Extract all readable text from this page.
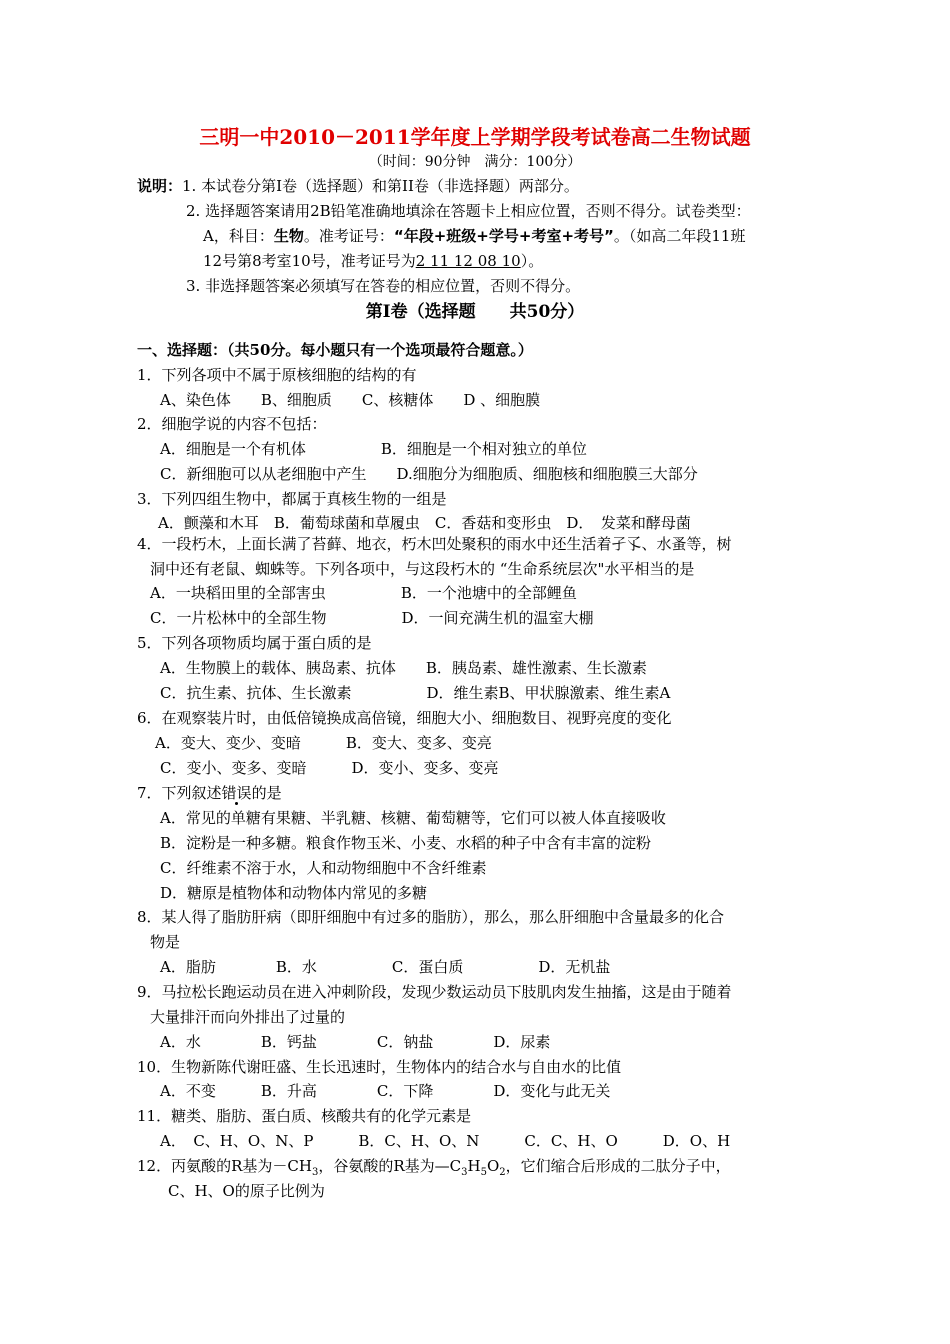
三明一中2010－2011学年度上学期学段考试卷高二生物试题
（时间：90分钟　满分：100分）
说明：1. 本试卷分第Ⅰ卷（选择题）和第II卷（非选择题）两部分。
2. 选择题答案请用2B铅笔准确地填涂在答题卡上相应位置，否则不得分。试卷类型：
A，科目：生物。准考证号：“年段+班级+学号+考室+考号”。（如高二年段11班
12号第8考室10号，准考证号为2 11 12 08 10）。
3. 非选择题答案必须填写在答卷的相应位置，否则不得分。
第Ⅰ卷（选择题　　共50分）
一、选择题：（共50分。每小题只有一个选项最符合题意。）
1．下列各项中不属于原核细胞的结构的有
A、染色体　　B、细胞质　　C、核糖体　　D 、细胞膜
2．细胞学说的内容不包括：
A．细胞是一个有机体　　　　　B．细胞是一个相对独立的单位
C．新细胞可以从老细胞中产生　　D.细胞分为细胞质、细胞核和细胞膜三大部分
3．下列四组生物中，都属于真核生物的一组是
A．颤藻和木耳　B．葡萄球菌和草履虫　C．香菇和变形虫　D．　发菜和酵母菌
4．一段朽木，上面长满了苔藓、地衣，朽木凹处聚积的雨水中还生活着孑孓、水蚤等，树
洞中还有老鼠、蜘蛛等。下列各项中，与这段朽木的 “生命系统层次"水平相当的是
A．一块稻田里的全部害虫　　　　　B．一个池塘中的全部鲤鱼
C．一片松林中的全部生物　　　　　D．一间充满生机的温室大棚
5．下列各项物质均属于蛋白质的是
A．生物膜上的载体、胰岛素、抗体　　B．胰岛素、雄性激素、生长激素
C．抗生素、抗体、生长激素　　　　　D．维生素B、甲状腺激素、维生素A
6．在观察装片时，由低倍镜换成高倍镜，细胞大小、细胞数目、视野亮度的变化
A．变大、变少、变暗　　　B．变大、变多、变亮
C．变小、变多、变暗　　　D．变小、变多、变亮
7．下列叙述错误的是
A．常见的单糖有果糖、半乳糖、核糖、葡萄糖等，它们可以被人体直接吸收
B．淀粉是一种多糖。粮食作物玉米、小麦、水稻的种子中含有丰富的淀粉
C．纤维素不溶于水，人和动物细胞中不含纤维素
D．糖原是植物体和动物体内常见的多糖
8．某人得了脂肪肝病（即肝细胞中有过多的脂肪），那么，那么肝细胞中含量最多的化合
物是
A．脂肪　　　　B．水　　　　　C．蛋白质　　　　　D．无机盐
9．马拉松长跑运动员在进入冲刺阶段，发现少数运动员下肢肌肉发生抽搐，这是由于随着
大量排汗而向外排出了过量的
A．水　　　　B．钙盐　　　　C．钠盐　　　　D．尿素
10．生物新陈代谢旺盛、生长迅速时，生物体内的结合水与自由水的比值
A．不变　　　B．升高　　　　C．下降　　　　D．变化与此无关
11．糖类、脂肪、蛋白质、核酸共有的化学元素是
A．　C、H、O、N、P　　　B．C、H、O、N　　　C．C、H、O　　　D．O、H
12．丙氨酸的R基为$-CH_3$，谷氨酸的R基为$—C_3H_5O_2$，它们缩合后形成的二肽分子中，
C、H、O的原子比例为
